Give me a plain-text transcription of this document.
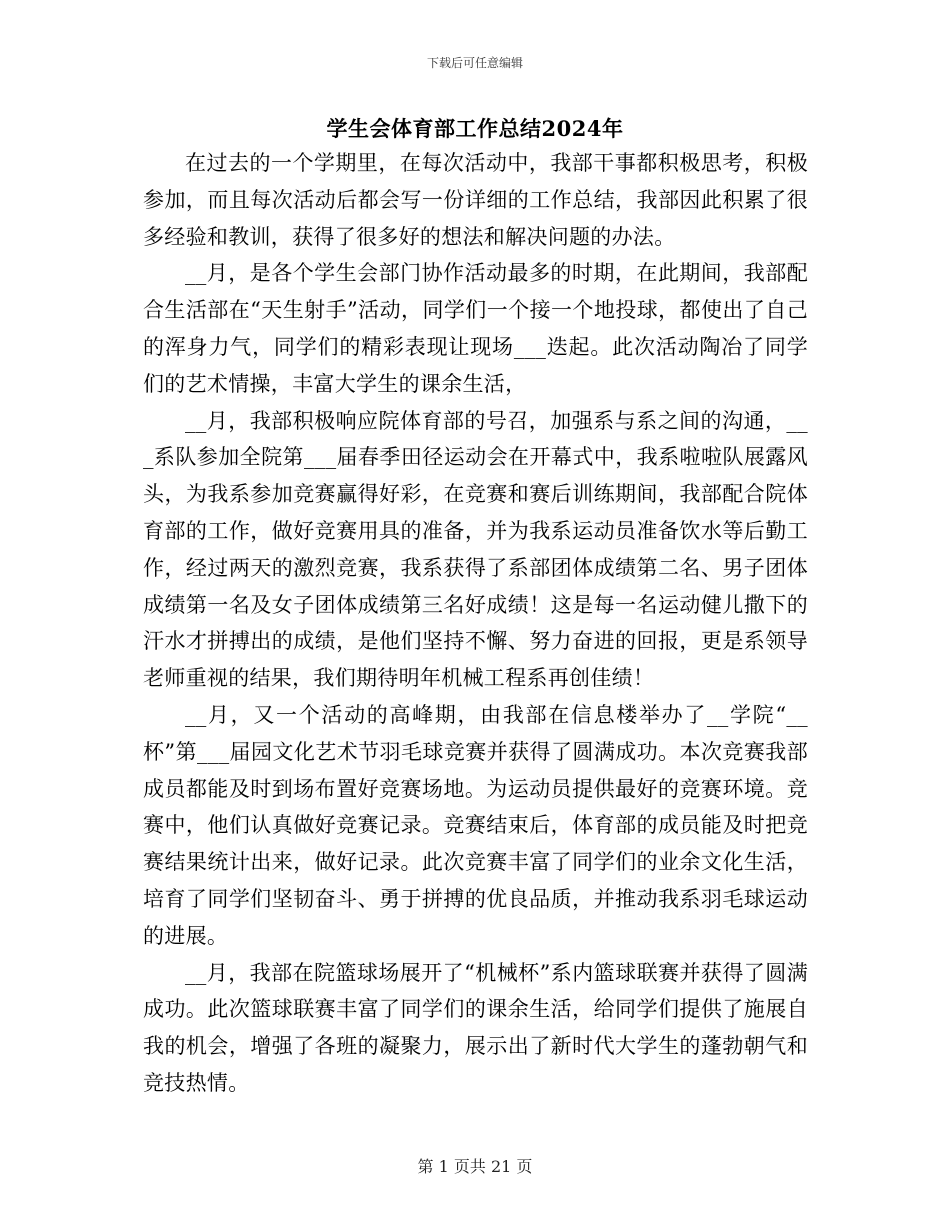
下载后可任意编辑
学生会体育部工作总结2024年

在过去的一个学期里，在每次活动中，我部干事都积极思考，积极参加，而且每次活动后都会写一份详细的工作总结，我部因此积累了很多经验和教训，获得了很多好的想法和解决问题的办法。

__月，是各个学生会部门协作活动最多的时期，在此期间，我部配合生活部在“天生射手”活动，同学们一个接一个地投球，都使出了自己的浑身力气，同学们的精彩表现让现场___迭起。此次活动陶冶了同学们的艺术情操，丰富大学生的课余生活，

__月，我部积极响应院体育部的号召，加强系与系之间的沟通，___系队参加全院第___届春季田径运动会在开幕式中，我系啦啦队展露风头，为我系参加竞赛赢得好彩，在竞赛和赛后训练期间，我部配合院体育部的工作，做好竞赛用具的准备，并为我系运动员准备饮水等后勤工作，经过两天的激烈竞赛，我系获得了系部团体成绩第二名、男子团体成绩第一名及女子团体成绩第三名好成绩！这是每一名运动健儿撒下的汗水才拼搏出的成绩，是他们坚持不懈、努力奋进的回报，更是系领导老师重视的结果，我们期待明年机械工程系再创佳绩！

__月，又一个活动的高峰期，由我部在信息楼举办了__学院“__杯”第___届园文化艺术节羽毛球竞赛并获得了圆满成功。本次竞赛我部成员都能及时到场布置好竞赛场地。为运动员提供最好的竞赛环境。竞赛中，他们认真做好竞赛记录。竞赛结束后，体育部的成员能及时把竞赛结果统计出来，做好记录。此次竞赛丰富了同学们的业余文化生活，培育了同学们坚韧奋斗、勇于拼搏的优良品质，并推动我系羽毛球运动的进展。

__月，我部在院篮球场展开了“机械杯”系内篮球联赛并获得了圆满成功。此次篮球联赛丰富了同学们的课余生活，给同学们提供了施展自我的机会，增强了各班的凝聚力，展示出了新时代大学生的蓬勃朝气和竞技热情。

第 1 页共 21 页
